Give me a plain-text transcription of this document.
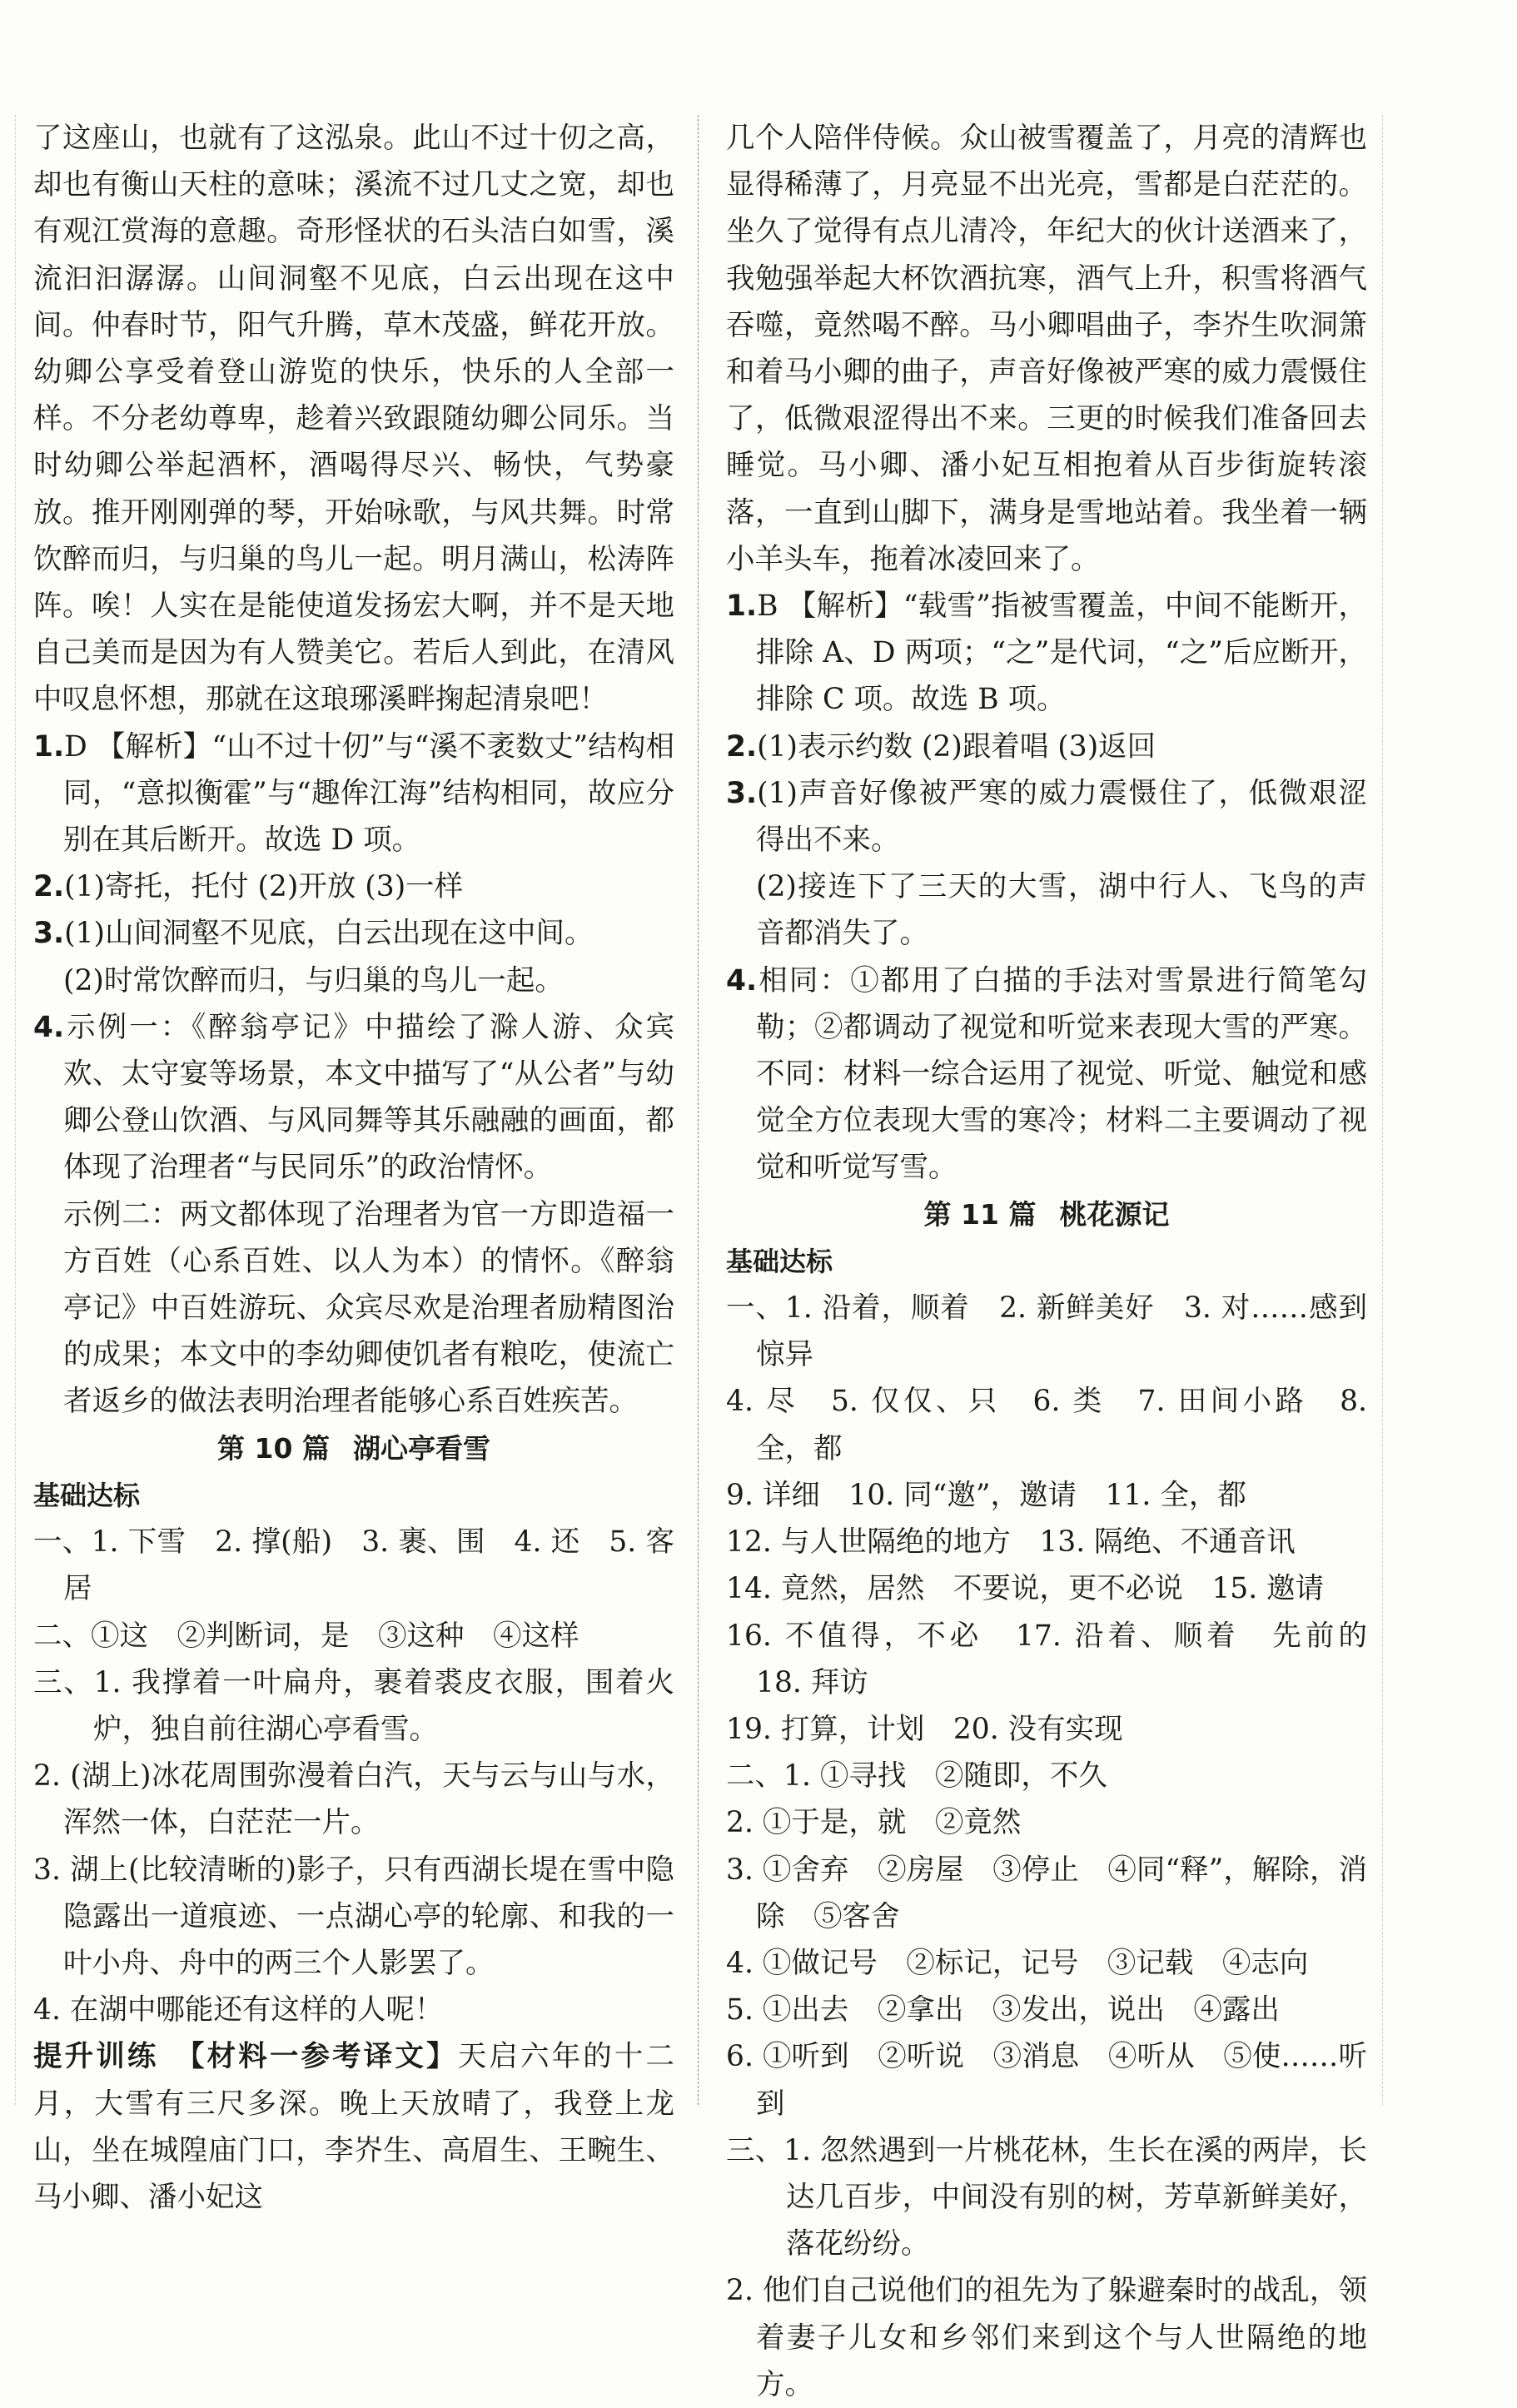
了这座山，也就有了这泓泉。此山不过十仞之高，却也有衡山天柱的意味；溪流不过几丈之宽，却也有观江赏海的意趣。奇形怪状的石头洁白如雪，溪流汩汩潺潺。山间洞壑不见底，白云出现在这中间。仲春时节，阳气升腾，草木茂盛，鲜花开放。幼卿公享受着登山游览的快乐，快乐的人全部一样。不分老幼尊卑，趁着兴致跟随幼卿公同乐。当时幼卿公举起酒杯，酒喝得尽兴、畅快，气势豪放。推开刚刚弹的琴，开始咏歌，与风共舞。时常饮醉而归，与归巢的鸟儿一起。明月满山，松涛阵阵。唉！人实在是能使道发扬宏大啊，并不是天地自己美而是因为有人赞美它。若后人到此，在清风中叹息怀想，那就在这琅琊溪畔掬起清泉吧！

1.D 【解析】“山不过十仞”与“溪不袤数丈”结构相同，“意拟衡霍”与“趣侔江海”结构相同，故应分别在其后断开。故选 D 项。

2.(1)寄托，托付 (2)开放 (3)一样

3.(1)山间洞壑不见底，白云出现在这中间。

(2)时常饮醉而归，与归巢的鸟儿一起。

4.示例一：《醉翁亭记》中描绘了滁人游、众宾欢、太守宴等场景，本文中描写了“从公者”与幼卿公登山饮酒、与风同舞等其乐融融的画面，都体现了治理者“与民同乐”的政治情怀。

示例二：两文都体现了治理者为官一方即造福一方百姓（心系百姓、以人为本）的情怀。《醉翁亭记》中百姓游玩、众宾尽欢是治理者励精图治的成果；本文中的李幼卿使饥者有粮吃，使流亡者返乡的做法表明治理者能够心系百姓疾苦。

第 10 篇 湖心亭看雪

基础达标

一、1. 下雪　2. 撑(船)　3. 裹、围　4. 还　5. 客居

二、①这　②判断词，是　③这种　④这样

三、1. 我撑着一叶扁舟，裹着裘皮衣服，围着火炉，独自前往湖心亭看雪。

2. (湖上)冰花周围弥漫着白汽，天与云与山与水，浑然一体，白茫茫一片。

3. 湖上(比较清晰的)影子，只有西湖长堤在雪中隐隐露出一道痕迹、一点湖心亭的轮廓、和我的一叶小舟、舟中的两三个人影罢了。

4. 在湖中哪能还有这样的人呢！

提升训练　 【材料一参考译文】天启六年的十二月，大雪有三尺多深。晚上天放晴了，我登上龙山，坐在城隍庙门口，李岕生、高眉生、王畹生、马小卿、潘小妃这

几个人陪伴侍候。众山被雪覆盖了，月亮的清辉也显得稀薄了，月亮显不出光亮，雪都是白茫茫的。坐久了觉得有点儿清冷，年纪大的伙计送酒来了，我勉强举起大杯饮酒抗寒，酒气上升，积雪将酒气吞噬，竟然喝不醉。马小卿唱曲子，李岕生吹洞箫和着马小卿的曲子，声音好像被严寒的威力震慑住了，低微艰涩得出不来。三更的时候我们准备回去睡觉。马小卿、潘小妃互相抱着从百步街旋转滚落，一直到山脚下，满身是雪地站着。我坐着一辆小羊头车，拖着冰凌回来了。

1.B 【解析】“载雪”指被雪覆盖，中间不能断开，排除 A、D 两项；“之”是代词，“之”后应断开，排除 C 项。故选 B 项。

2.(1)表示约数 (2)跟着唱 (3)返回

3.(1)声音好像被严寒的威力震慑住了，低微艰涩得出不来。

(2)接连下了三天的大雪，湖中行人、飞鸟的声音都消失了。

4.相同：①都用了白描的手法对雪景进行简笔勾勒；②都调动了视觉和听觉来表现大雪的严寒。不同：材料一综合运用了视觉、听觉、触觉和感觉全方位表现大雪的寒冷；材料二主要调动了视觉和听觉写雪。

第 11 篇 桃花源记

基础达标

一、1. 沿着，顺着　2. 新鲜美好　3. 对……感到惊异

4. 尽　5. 仅仅、只　6. 类　7. 田间小路　8. 全，都

9. 详细　10. 同“邀”，邀请　11. 全，都

12. 与人世隔绝的地方　13. 隔绝、不通音讯

14. 竟然，居然　不要说，更不必说　15. 邀请

16. 不值得，不必　17. 沿着、顺着　先前的　18. 拜访

19. 打算，计划　20. 没有实现

二、1. ①寻找　②随即，不久

2. ①于是，就　②竟然

3. ①舍弃　②房屋　③停止　④同“释”，解除，消除　⑤客舍

4. ①做记号　②标记，记号　③记载　④志向

5. ①出去　②拿出　③发出，说出　④露出

6. ①听到　②听说　③消息　④听从　⑤使……听到

三、1. 忽然遇到一片桃花林，生长在溪的两岸，长达几百步，中间没有别的树，芳草新鲜美好，落花纷纷。

2. 他们自己说他们的祖先为了躲避秦时的战乱，领着妻子儿女和乡邻们来到这个与人世隔绝的地方。
